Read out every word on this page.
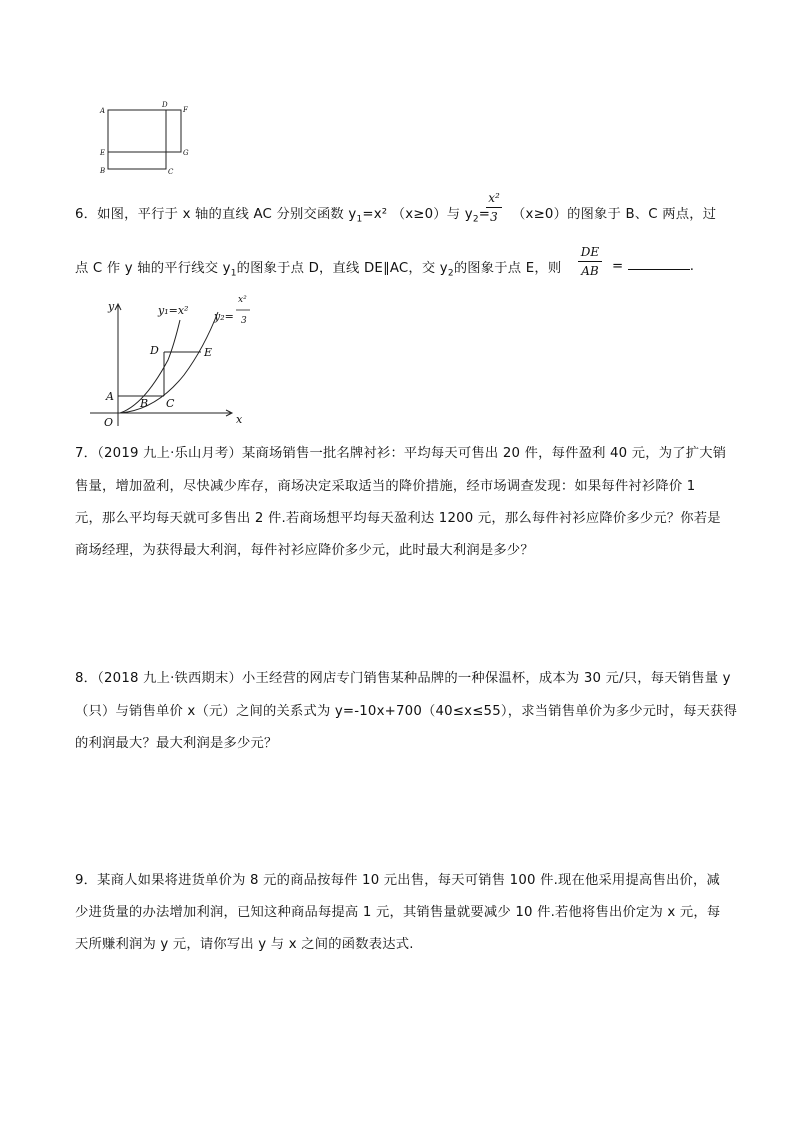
A
D
F
E	G
B	C
6．如图，平行于 x 轴的直线 AC 分别交函数 $y_1=x^2$ （x≥0）与 $y_2=$
x²
3	（x≥0）的图象于 B、C 两点，过
点 C 作 y 轴的平行线交 $y_1$的图象于点 D，直线 DE∥AC，交 $y_2$的图象于点 E，则
DE
AB =	.
y
x
O
A
B C
D	E
y₁=x² y₂=
x²
3
7．（2019 九上·乐山月考）某商场销售一批名牌衬衫：平均每天可售出 20 件，每件盈利 40 元，为了扩大销
售量，增加盈利，尽快减少库存，商场决定采取适当的降价措施，经市场调查发现：如果每件衬衫降价 1
元，那么平均每天就可多售出 2 件.若商场想平均每天盈利达 1200 元，那么每件衬衫应降价多少元？你若是
商场经理，为获得最大利润，每件衬衫应降价多少元，此时最大利润是多少？
8．（2018 九上·铁西期末）小王经营的网店专门销售某种品牌的一种保温杯，成本为 30 元/只，每天销售量 y
（只）与销售单价 x（元）之间的关系式为 y=-10x+700（40≤x≤55），求当销售单价为多少元时，每天获得
的利润最大？最大利润是多少元？
9．某商人如果将进货单价为 8 元的商品按每件 10 元出售，每天可销售 100 件.现在他采用提高售出价，减
少进货量的办法增加利润，已知这种商品每提高 1 元，其销售量就要减少 10 件.若他将售出价定为 x 元，每
天所赚利润为 y 元，请你写出 y 与 x 之间的函数表达式.
